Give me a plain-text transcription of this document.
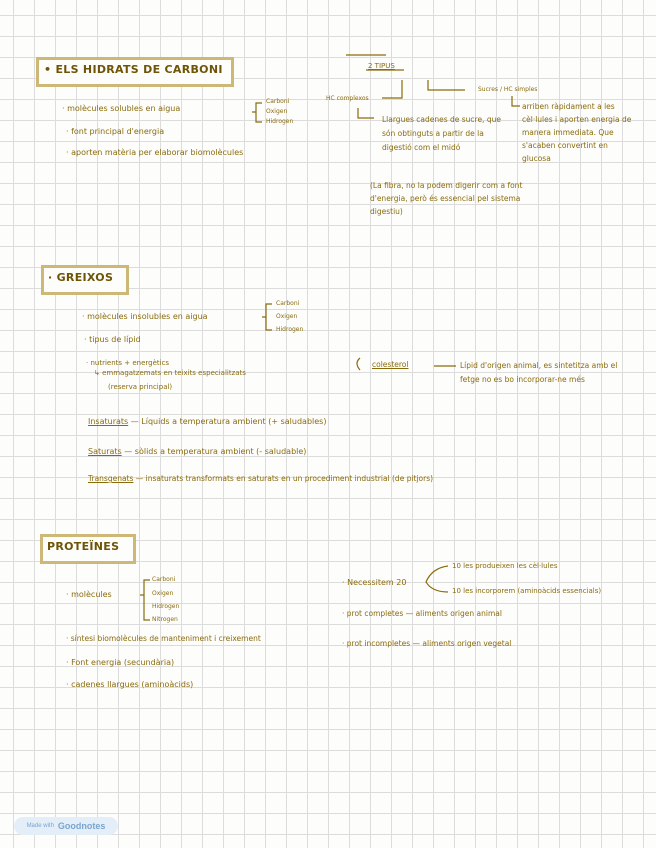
• ELS HIDRATS DE CARBONI
· molècules solubles en aigua
· font principal d'energia
· aporten matèria per elaborar biomolècules
Carboni
Oxigen
Hidrogen
2 TIPUS
HC complexos
Sucres / HC simples
Llargues cadenes de sucre, que són obtinguts a partir de la digestió com el midó
(La fibra, no la podem digerir com a font d'energia, però és essencial pel sistema digestiu)
arriben ràpidament a les cèl·lules i aporten energia de manera immediata. Que s'acaben convertint en glucosa
· GREIXOS
· molècules insolubles en aigua
· tipus de lípid
Carboni
Oxigen
Hidrogen
· nutrients + energètics
↳ emmagatzemats en teixits especialitzats
(reserva principal)
colesterol	Lípid d'origen animal, es sintetitza amb el fetge no es bo incorporar-ne més
Insaturats — Líquids a temperatura ambient (+ saludables)
Saturats — sòlids a temperatura ambient (- saludable)
Transgenats — insaturats transformats en saturats en un procediment industrial (de pitjors)
PROTEÏNES
· molècules
Carboni
Oxigen
Hidrogen
Nitrogen
· síntesi biomolècules de manteniment i creixement
· Font energia (secundària)
· cadenes llargues (aminoàcids)
· Necessitem 20
10 les produeixen les cèl·lules
10 les incorporem (aminoàcids essencials)
· prot completes — aliments origen animal
· prot incompletes — aliments origen vegetal
Made with Goodnotes
